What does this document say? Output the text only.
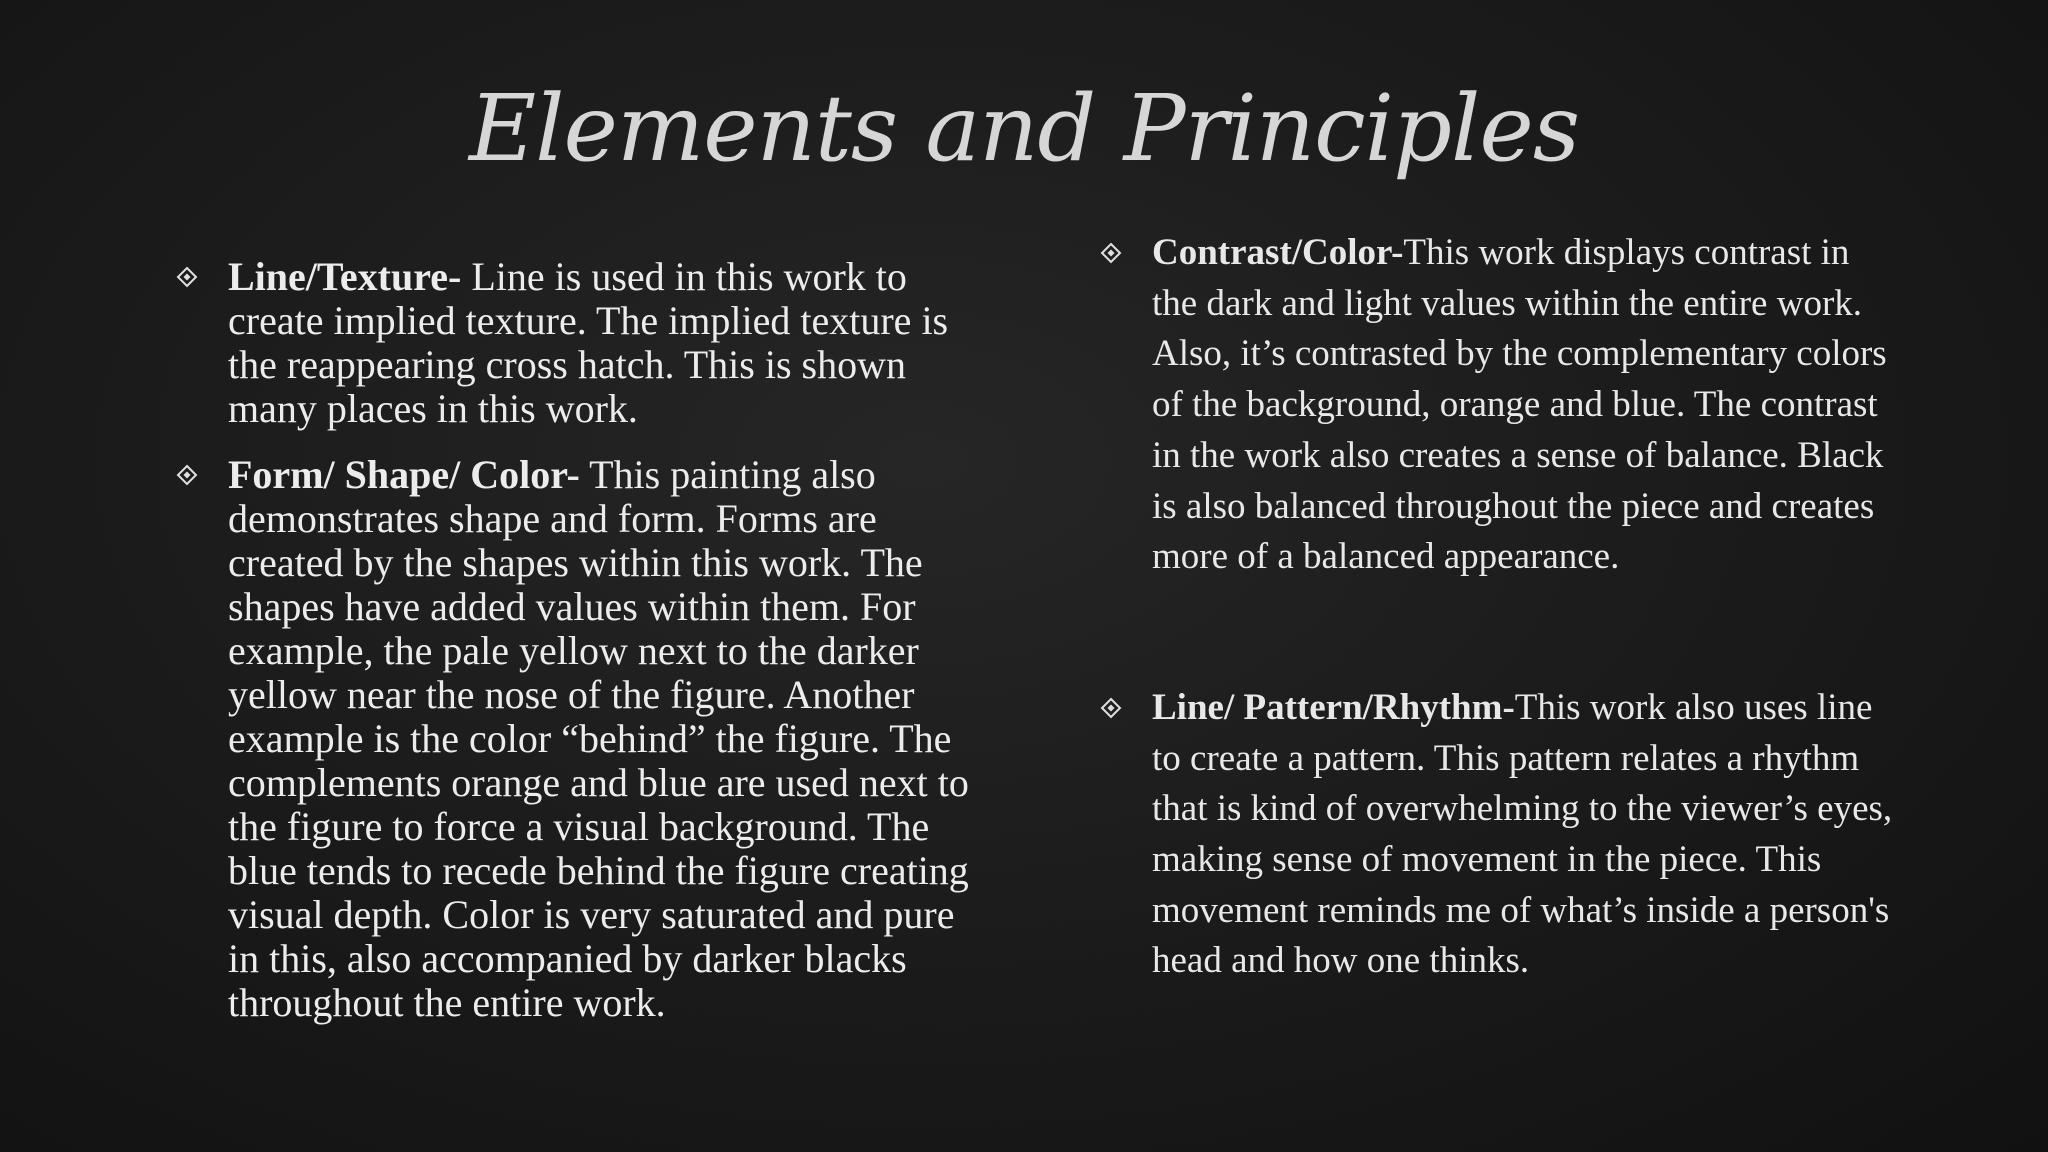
Elements and Principles
Line/Texture- Line is used in this work to create implied texture. The implied texture is the reappearing cross hatch. This is shown many places in this work.
Form/ Shape/ Color- This painting also demonstrates shape and form. Forms are created by the shapes within this work. The shapes have added values within them. For example, the pale yellow next to the darker yellow near the nose of the figure. Another example is the color “behind” the figure. The complements orange and blue are used next to the figure to force a visual background. The blue tends to recede behind the figure creating visual depth. Color is very saturated and pure in this, also accompanied by darker blacks throughout the entire work.
Contrast/Color-This work displays contrast in the dark and light values within the entire work. Also, it’s contrasted by the complementary colors of the background, orange and blue. The contrast in the work also creates a sense of balance. Black is also balanced throughout the piece and creates more of a balanced appearance.
Line/ Pattern/Rhythm-This work also uses line to create a pattern. This pattern relates a rhythm that is kind of overwhelming to the viewer’s eyes, making sense of movement in the piece. This movement reminds me of what’s inside a person's head and how one thinks.
